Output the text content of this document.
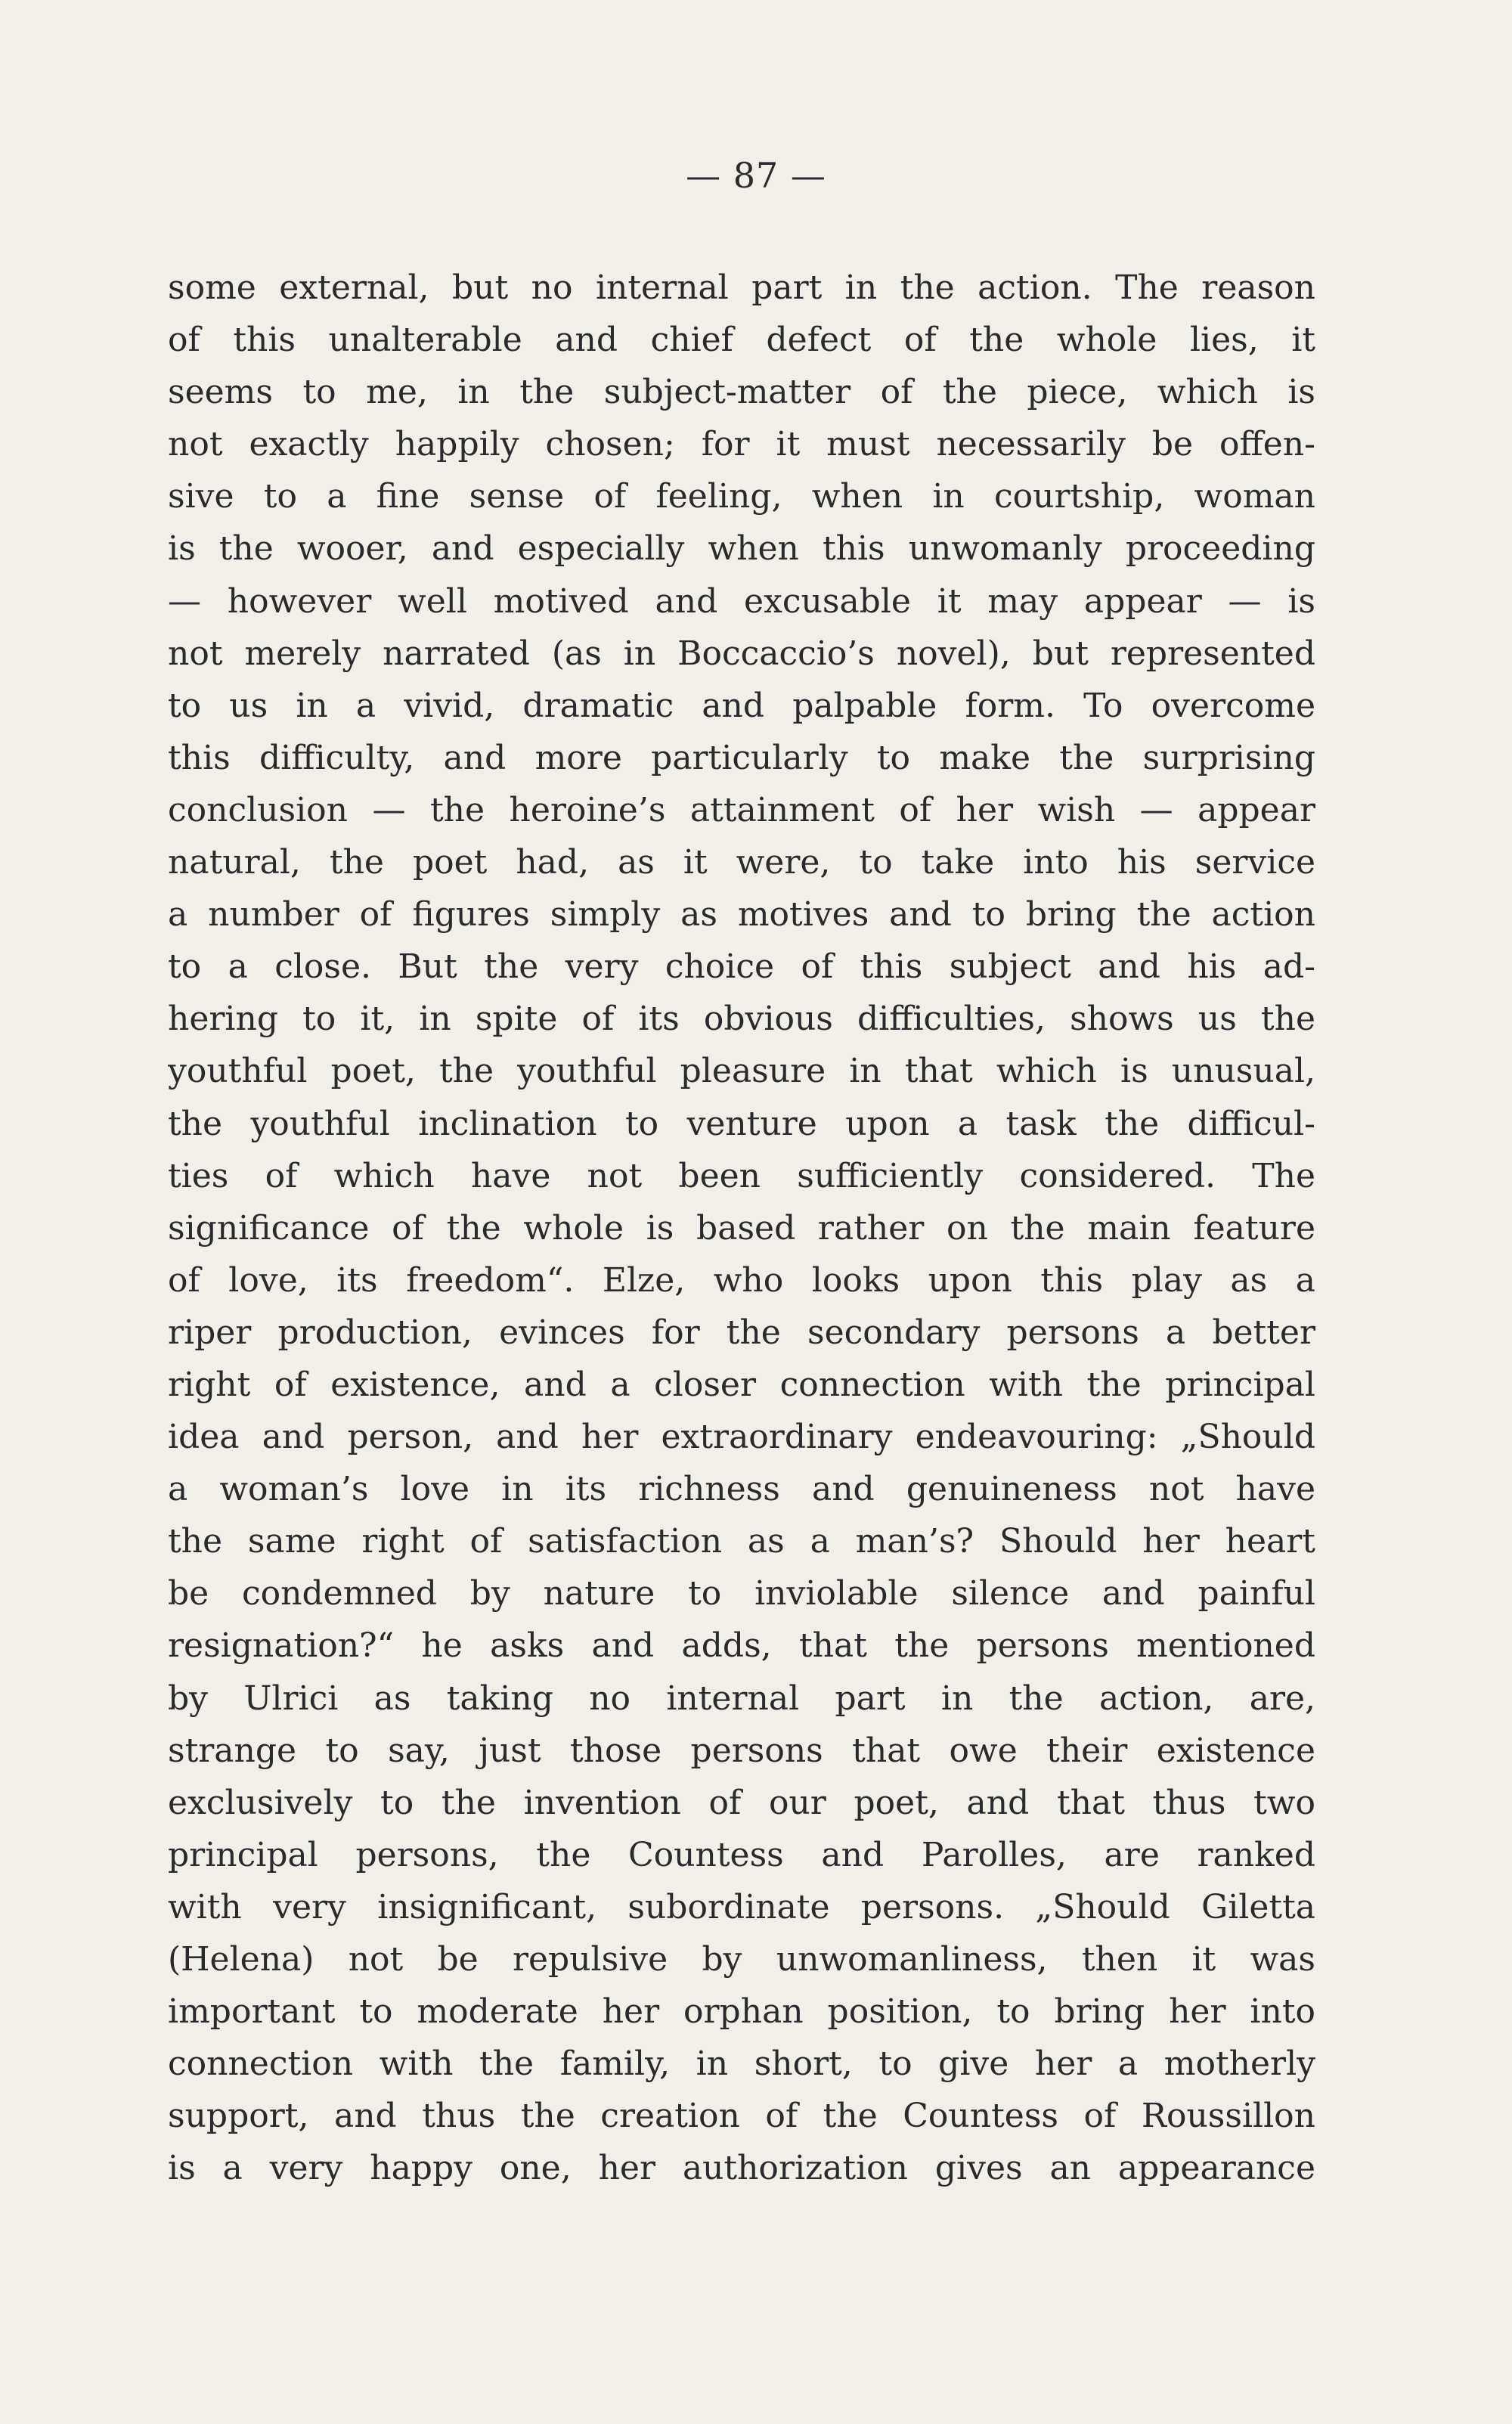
— 87 —
some external, but no internal part in the action. The reason
of this unalterable and chief defect of the whole lies, it
seems to me, in the subject-matter of the piece, which is
not exactly happily chosen; for it must necessarily be offen-
sive to a fine sense of feeling, when in courtship, woman
is the wooer, and especially when this unwomanly proceeding
— however well motived and excusable it may appear — is
not merely narrated (as in Boccaccio’s novel), but represented
to us in a vivid, dramatic and palpable form. To overcome
this difficulty, and more particularly to make the surprising
conclusion — the heroine’s attainment of her wish — appear
natural, the poet had, as it were, to take into his service
a number of figures simply as motives and to bring the action
to a close. But the very choice of this subject and his ad-
hering to it, in spite of its obvious difficulties, shows us the
youthful poet, the youthful pleasure in that which is unusual,
the youthful inclination to venture upon a task the difficul-
ties of which have not been sufficiently considered. The
significance of the whole is based rather on the main feature
of love, its freedom“. Elze, who looks upon this play as a
riper production, evinces for the secondary persons a better
right of existence, and a closer connection with the principal
idea and person, and her extraordinary endeavouring: „Should
a woman’s love in its richness and genuineness not have
the same right of satisfaction as a man’s? Should her heart
be condemned by nature to inviolable silence and painful
resignation?“ he asks and adds, that the persons mentioned
by Ulrici as taking no internal part in the action, are,
strange to say, just those persons that owe their existence
exclusively to the invention of our poet, and that thus two
principal persons, the Countess and Parolles, are ranked
with very insignificant, subordinate persons. „Should Giletta
(Helena) not be repulsive by unwomanliness, then it was
important to moderate her orphan position, to bring her into
connection with the family, in short, to give her a motherly
support, and thus the creation of the Countess of Roussillon
is a very happy one, her authorization gives an appearance
